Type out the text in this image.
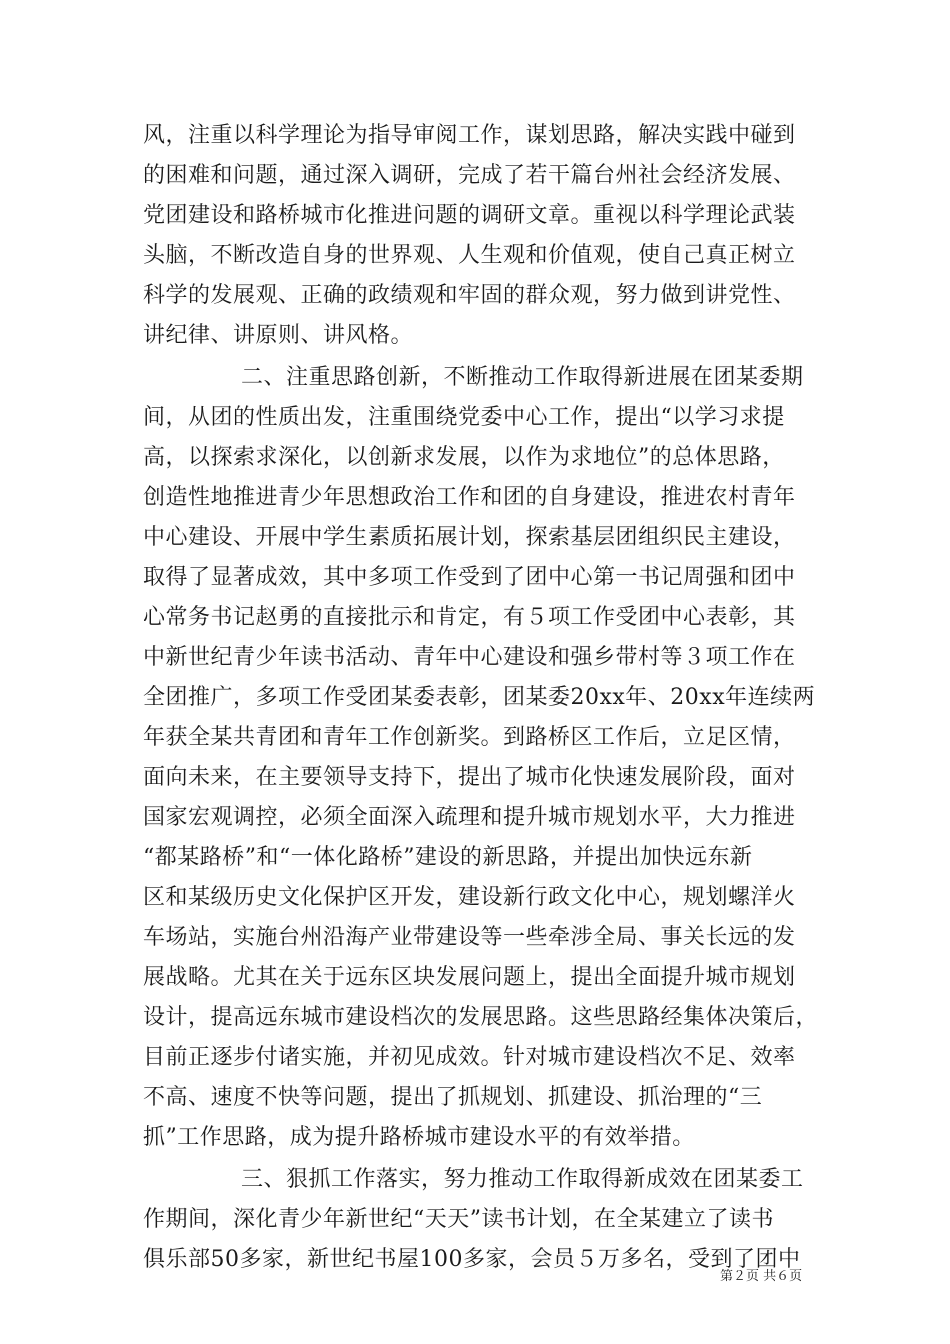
风，注重以科学理论为指导审阅工作，谋划思路，解决实践中碰到
的困难和问题，通过深入调研，完成了若干篇台州社会经济发展、
党团建设和路桥城市化推进问题的调研文章。重视以科学理论武装
头脑，不断改造自身的世界观、人生观和价值观，使自己真正树立
科学的发展观、正确的政绩观和牢固的群众观，努力做到讲党性、
讲纪律、讲原则、讲风格。
二、注重思路创新，不断推动工作取得新进展在团某委期
间，从团的性质出发，注重围绕党委中心工作，提出“以学习求提
高，以探索求深化，以创新求发展，以作为求地位”的总体思路，
创造性地推进青少年思想政治工作和团的自身建设，推进农村青年
中心建设、开展中学生素质拓展计划，探索基层团组织民主建设，
取得了显著成效，其中多项工作受到了团中心第一书记周强和团中
心常务书记赵勇的直接批示和肯定，有５项工作受团中心表彰，其
中新世纪青少年读书活动、青年中心建设和强乡带村等３项工作在
全团推广，多项工作受团某委表彰，团某委20xx年、20xx年连续两
年获全某共青团和青年工作创新奖。到路桥区工作后，立足区情，
面向未来，在主要领导支持下，提出了城市化快速发展阶段，面对
国家宏观调控，必须全面深入疏理和提升城市规划水平，大力推进
“都某路桥”和“一体化路桥”建设的新思路，并提出加快远东新
区和某级历史文化保护区开发，建设新行政文化中心，规划螺洋火
车场站，实施台州沿海产业带建设等一些牵涉全局、事关长远的发
展战略。尤其在关于远东区块发展问题上，提出全面提升城市规划
设计，提高远东城市建设档次的发展思路。这些思路经集体决策后，
目前正逐步付诸实施，并初见成效。针对城市建设档次不足、效率
不高、速度不快等问题，提出了抓规划、抓建设、抓治理的“三
抓”工作思路，成为提升路桥城市建设水平的有效举措。
三、狠抓工作落实，努力推动工作取得新成效在团某委工
作期间，深化青少年新世纪“天天”读书计划，在全某建立了读书
俱乐部50多家，新世纪书屋100多家，会员５万多名，受到了团中
第２页 共６页
